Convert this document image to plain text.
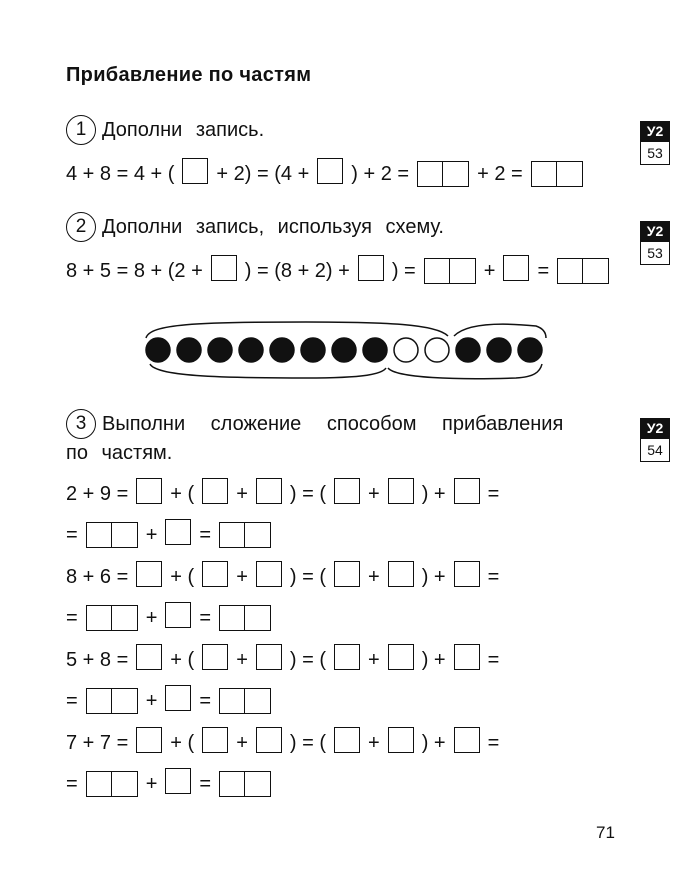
Прибавление по частям
1 Дополни запись.
4 + 8 = 4 + ( + 2) = (4 + ) + 2 =	+ 2 =
У2
53
2 Дополни запись, используя схему.
8 + 5 = 8 + (2 + ) = (8 + 2) + ) =	+ =
У2
53
3 Выполни сложение способом прибавления
по частям.
У2
54
2 + 9 = + ( + ) = ( + ) + =
=	+ =
8 + 6 = + ( + ) = ( + ) + =
=	+ =
5 + 8 = + ( + ) = ( + ) + =
=	+ =
7 + 7 = + ( + ) = ( + ) + =
=	+ =
71
